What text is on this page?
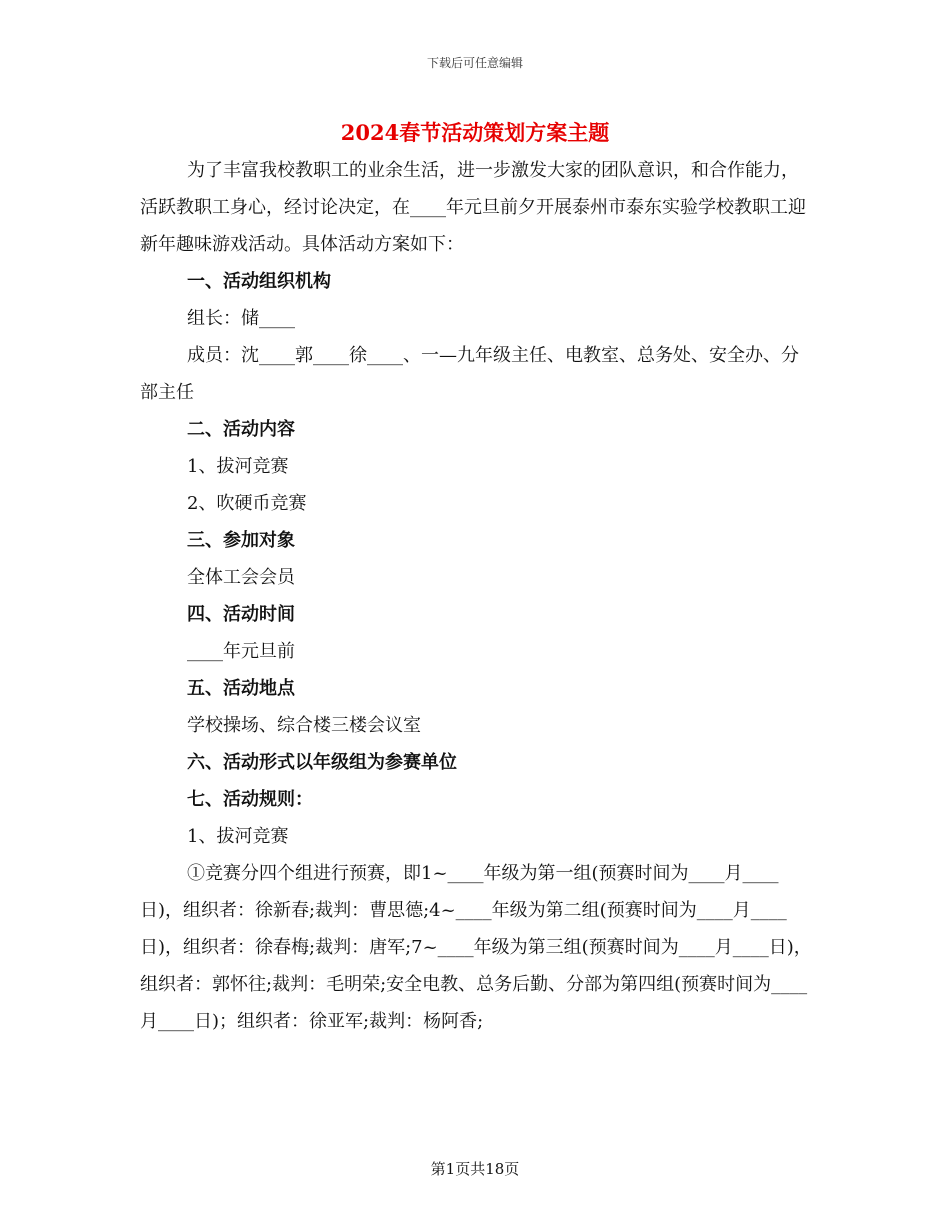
下载后可任意编辑
2024春节活动策划方案主题

为了丰富我校教职工的业余生活，进一步激发大家的团队意识，和合作能力，活跃教职工身心，经讨论决定，在____年元旦前夕开展泰州市泰东实验学校教职工迎新年趣味游戏活动。具体活动方案如下：

一、活动组织机构

组长：储____

成员：沈____郭____徐____、一—九年级主任、电教室、总务处、安全办、分部主任

二、活动内容

1、拔河竞赛

2、吹硬币竞赛

三、参加对象

全体工会会员

四、活动时间

____年元旦前

五、活动地点

学校操场、综合楼三楼会议室

六、活动形式以年级组为参赛单位

七、活动规则：

1、拔河竞赛

①竞赛分四个组进行预赛，即1~____年级为第一组(预赛时间为____月____日)，组织者：徐新春;裁判：曹思德;4~____年级为第二组(预赛时间为____月____日)，组织者：徐春梅;裁判：唐军;7~____年级为第三组(预赛时间为____月____日)，组织者：郭怀往;裁判：毛明荣;安全电教、总务后勤、分部为第四组(预赛时间为____月____日)；组织者：徐亚军;裁判：杨阿香;

第1页共18页
